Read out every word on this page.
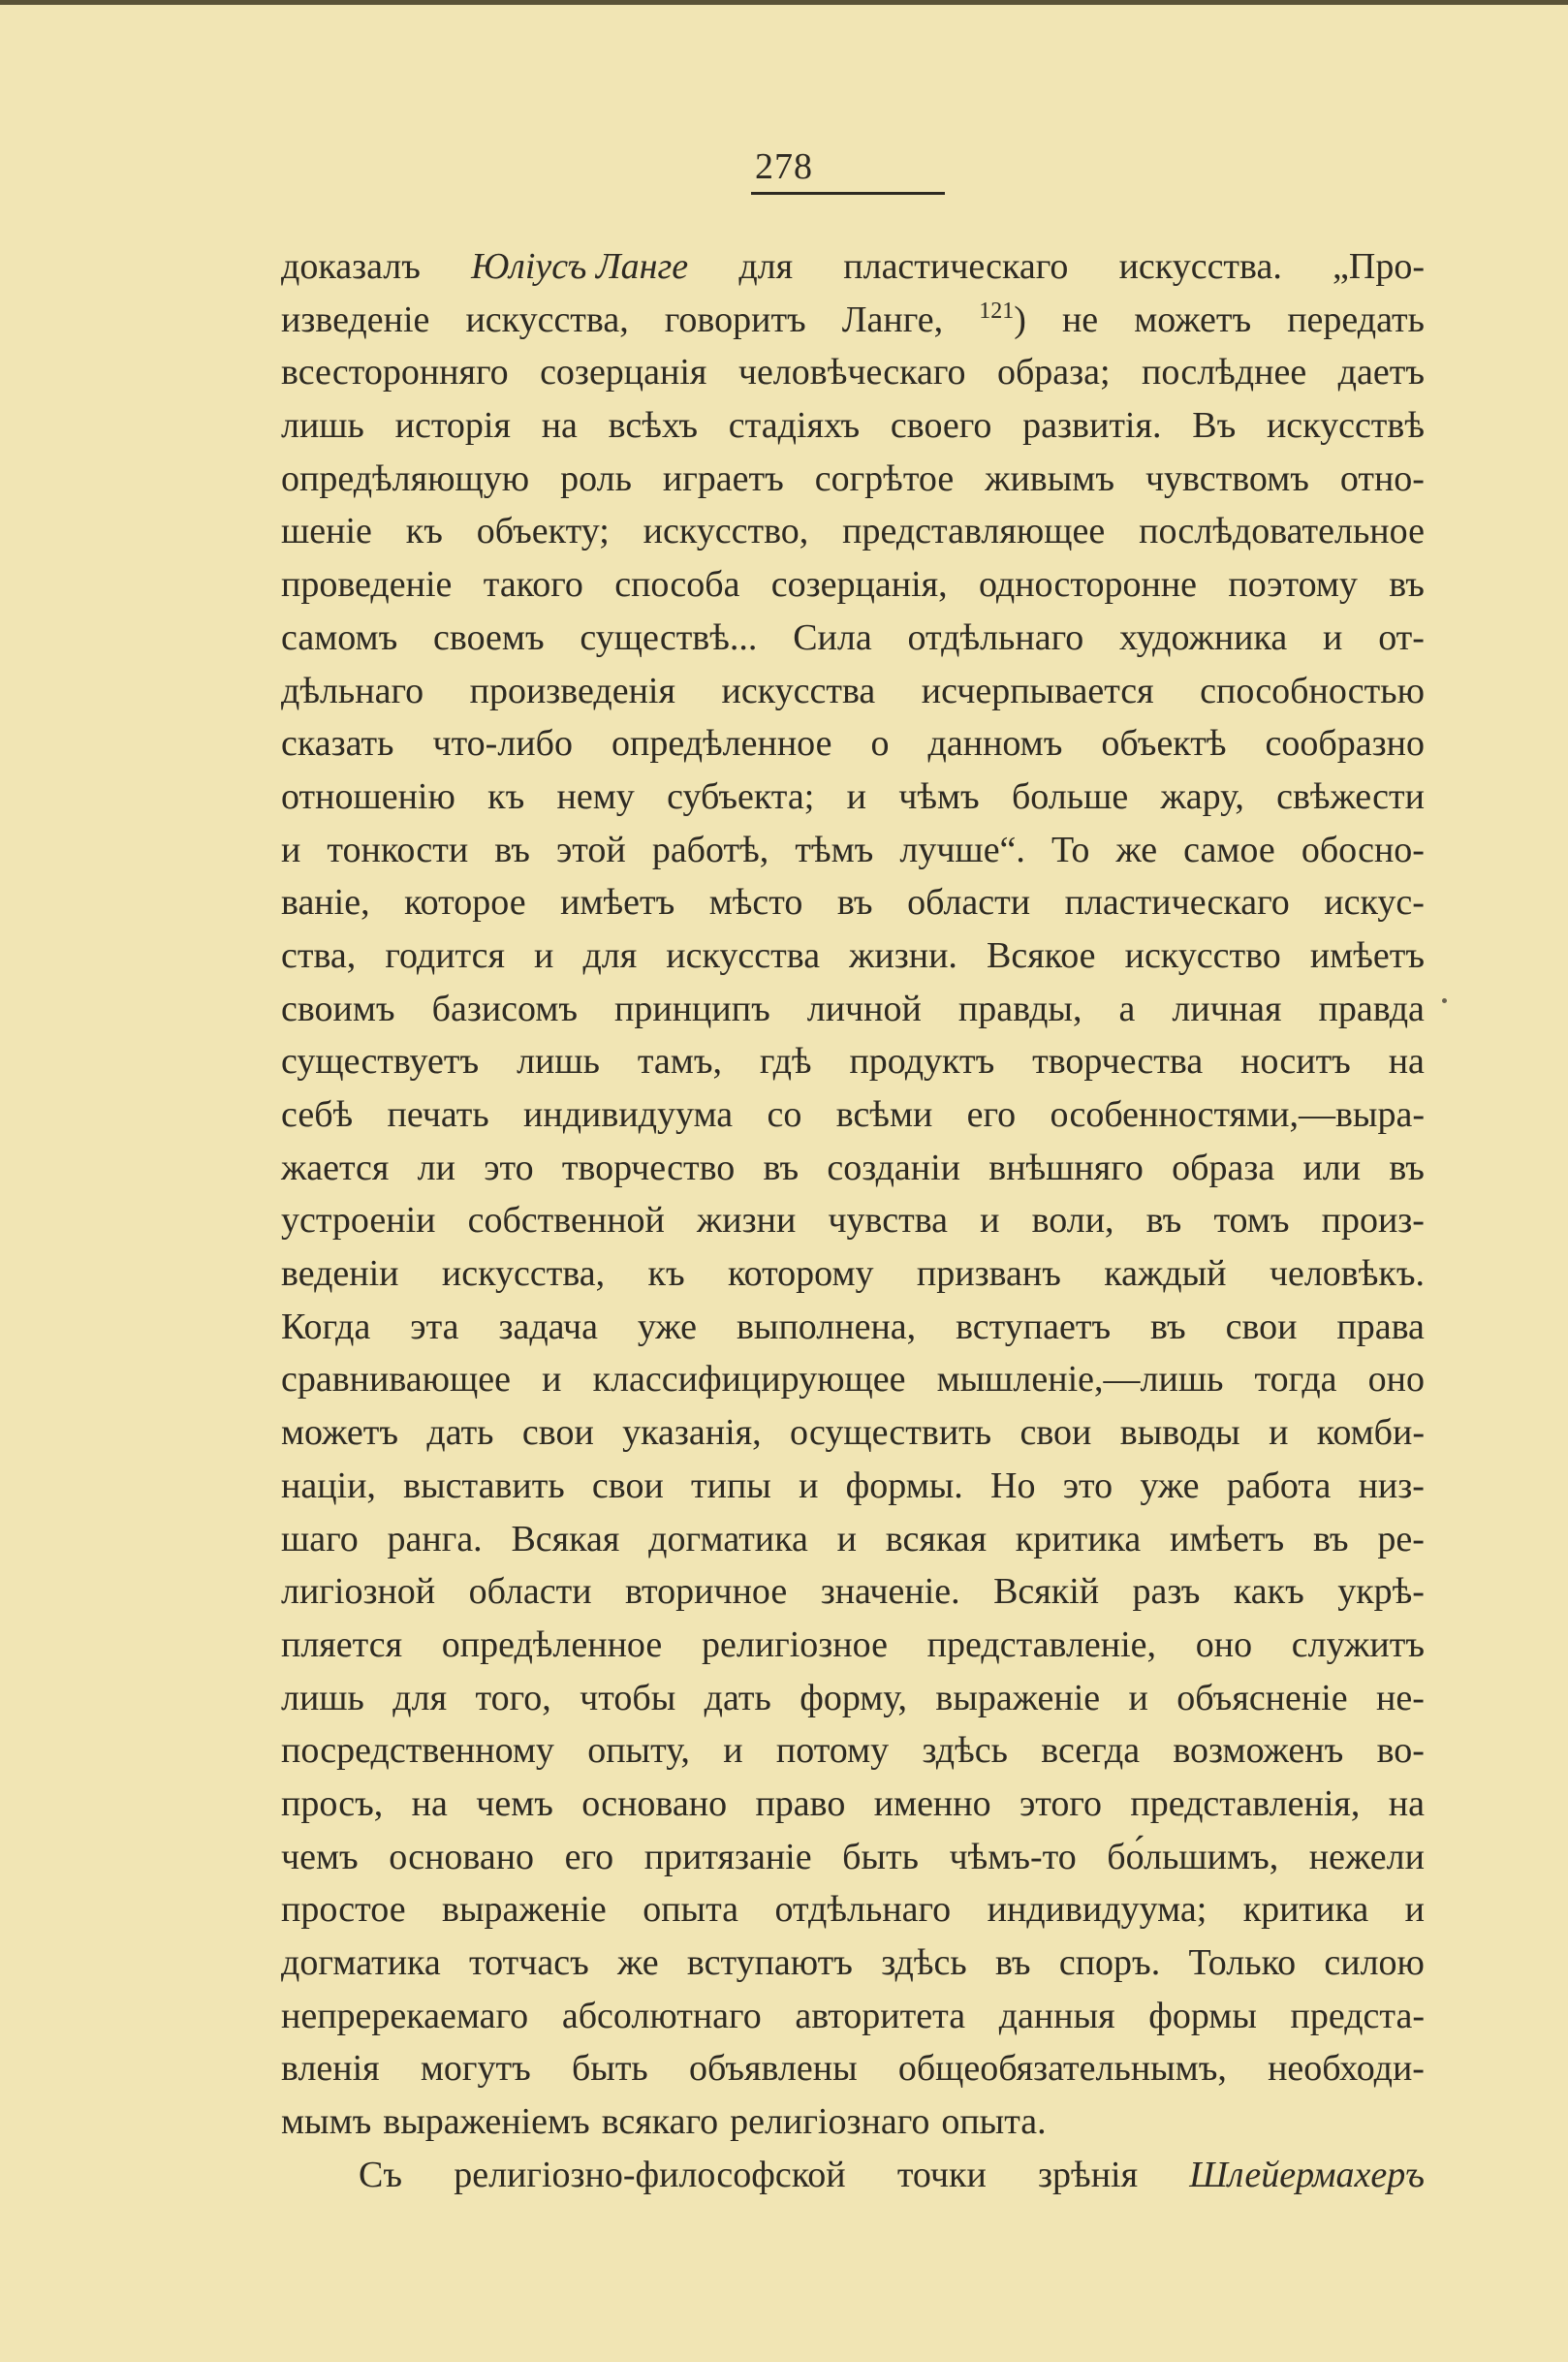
278
доказалъ Юліусъ Ланге для пластическаго искусства. „Про-
изведеніе искусства, говоритъ Ланге, $^{121}$) не можетъ передать
всесторонняго созерцанія человѣческаго образа; послѣднее даетъ
лишь исторія на всѣхъ стадіяхъ своего развитія. Въ искусствѣ
опредѣляющую роль играетъ согрѣтое живымъ чувствомъ отно-
шеніе къ объекту; искусство, представляющее послѣдовательное
проведеніе такого способа созерцанія, одностороннe поэтому въ
самомъ своемъ существѣ... Сила отдѣльнаго художника и от-
дѣльнаго произведенія искусства исчерпывается способностью
сказать что-либо опредѣленное о данномъ объектѣ сообразно
отношенію къ нему субъекта; и чѣмъ больше жару, свѣжести
и тонкости въ этой работѣ, тѣмъ лучше“. То же самое обосно-
ваніе, которое имѣетъ мѣсто въ области пластическаго искус-
ства, годится и для искусства жизни. Всякое искусство имѣетъ
своимъ базисомъ принципъ личной правды, а личная правда
существуетъ лишь тамъ, гдѣ продуктъ творчества носитъ на
себѣ печать индивидуума со всѣми его особенностями,—выра-
жается ли это творчество въ созданіи внѣшняго образа или въ
устроеніи собственной жизни чувства и воли, въ томъ произ-
веденіи искусства, къ которому призванъ каждый человѣкъ.
Когда эта задача уже выполнена, вступаетъ въ свои права
сравнивающее и классифицирующее мышленіе,—лишь тогда оно
можетъ дать свои указанія, осуществить свои выводы и комби-
націи, выставить свои типы и формы. Но это уже работа низ-
шаго ранга. Всякая догматика и всякая критика имѣетъ въ ре-
лигіозной области вторичное значеніе. Всякій разъ какъ укрѣ-
пляется опредѣленное религіозное представленіе, оно служитъ
лишь для того, чтобы дать форму, выраженіе и объясненіе не-
посредственному опыту, и потому здѣсь всегда возможенъ во-
просъ, на чемъ основано право именно этого представленія, на
чемъ основано его притязаніе быть чѣмъ-то бо́льшимъ, нежели
простое выраженіе опыта отдѣльнаго индивидуума; критика и
догматика тотчасъ же вступаютъ здѣсь въ споръ. Только силою
непререкаемаго абсолютнаго авторитета данныя формы предста-
вленія могутъ быть объявлены общеобязательнымъ, необходи-
мымъ выраженіемъ всякаго религіознаго опыта.
Съ религіозно-философской точки зрѣнія Шлейермахеръ
